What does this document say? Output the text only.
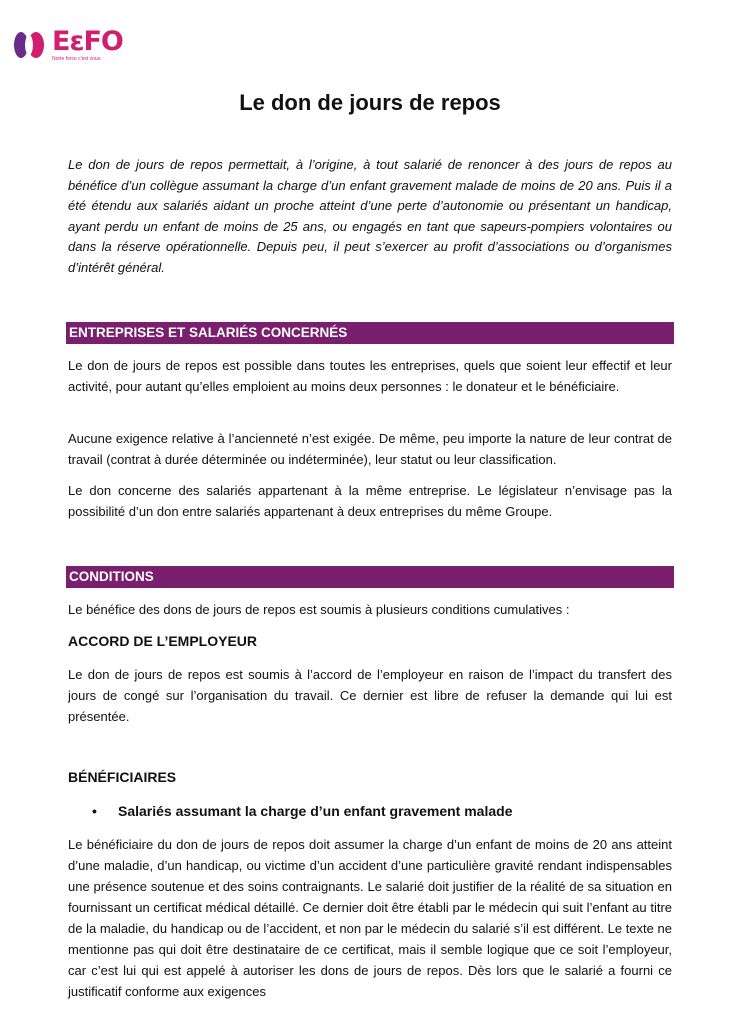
EεFO
Notre force c'est vous.
Le don de jours de repos

Le don de jours de repos permettait, à l’origine, à tout salarié de renoncer à des jours de repos au bénéfice d’un collègue assumant la charge d’un enfant gravement malade de moins de 20 ans. Puis il a été étendu aux salariés aidant un proche atteint d’une perte d’autonomie ou présentant un handicap, ayant perdu un enfant de moins de 25 ans, ou engagés en tant que sapeurs-pompiers volontaires ou dans la réserve opérationnelle. Depuis peu, il peut s’exercer au profit d’associations ou d’organismes d’intérêt général.

ENTREPRISES ET SALARIÉS CONCERNÉS

Le don de jours de repos est possible dans toutes les entreprises, quels que soient leur effectif et leur activité, pour autant qu’elles emploient au moins deux personnes : le donateur et le bénéficiaire.

Aucune exigence relative à l’ancienneté n’est exigée. De même, peu importe la nature de leur contrat de travail (contrat à durée déterminée ou indéterminée), leur statut ou leur classification.

Le don concerne des salariés appartenant à la même entreprise. Le législateur n’envisage pas la possibilité d’un don entre salariés appartenant à deux entreprises du même Groupe.

CONDITIONS

Le bénéfice des dons de jours de repos est soumis à plusieurs conditions cumulatives :

ACCORD DE L’EMPLOYEUR

Le don de jours de repos est soumis à l’accord de l’employeur en raison de l’impact du transfert des jours de congé sur l’organisation du travail. Ce dernier est libre de refuser la demande qui lui est présentée.

BÉNÉFICIAIRES

• Salariés assumant la charge d’un enfant gravement malade

Le bénéficiaire du don de jours de repos doit assumer la charge d’un enfant de moins de 20 ans atteint d’une maladie, d’un handicap, ou victime d’un accident d’une particulière gravité rendant indispensables une présence soutenue et des soins contraignants. Le salarié doit justifier de la réalité de sa situation en fournissant un certificat médical détaillé. Ce dernier doit être établi par le médecin qui suit l’enfant au titre de la maladie, du handicap ou de l’accident, et non par le médecin du salarié s’il est différent. Le texte ne mentionne pas qui doit être destinataire de ce certificat, mais il semble logique que ce soit l’employeur, car c’est lui qui est appelé à autoriser les dons de jours de repos. Dès lors que le salarié a fourni ce justificatif conforme aux exigences
